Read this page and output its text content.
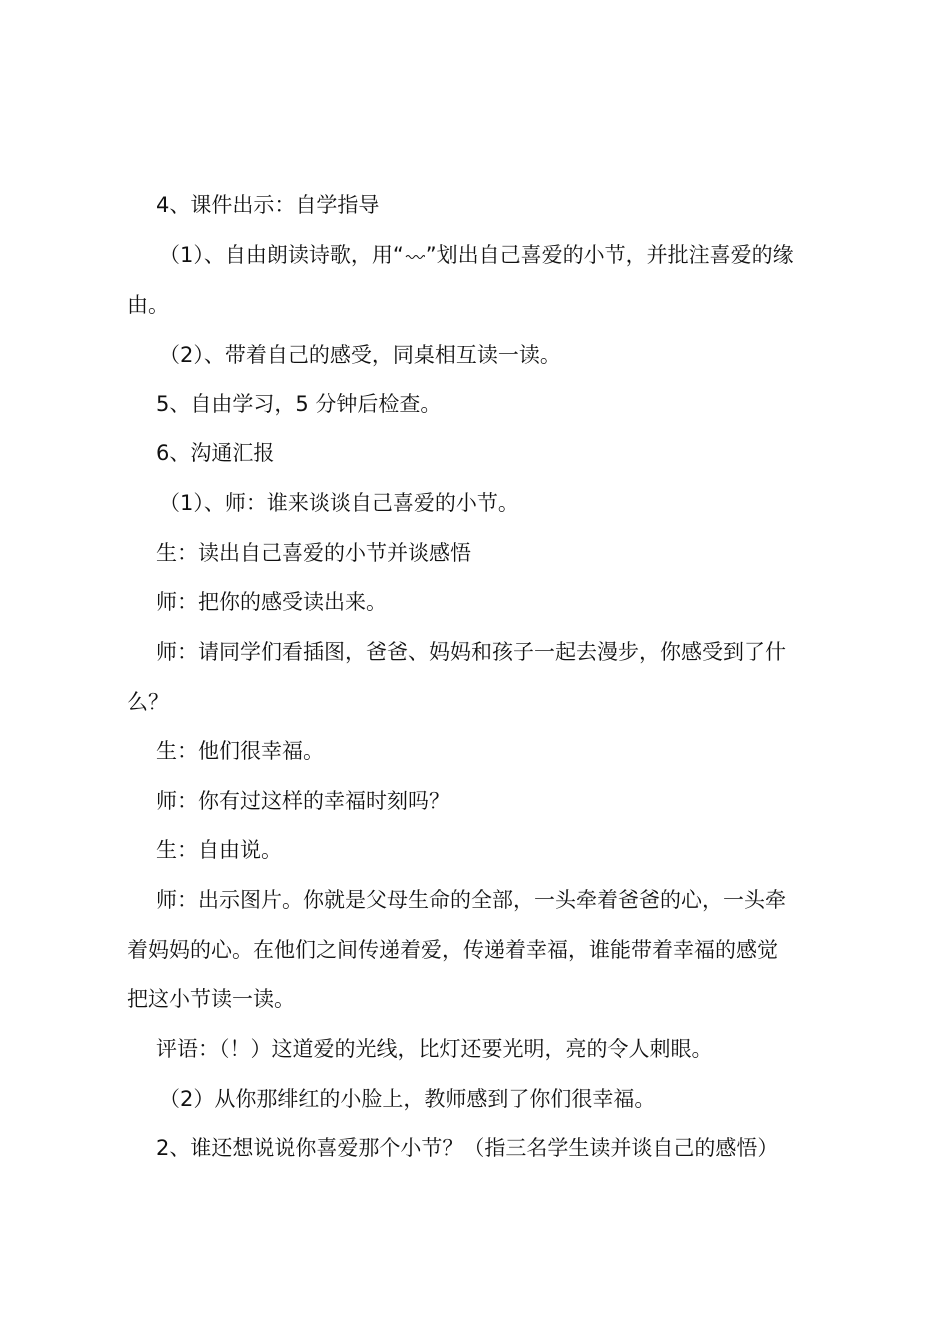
4、课件出示：自学指导
（1）、自由朗读诗歌，用“ ”划出自己喜爱的小节，并批注喜爱的缘
由。
（2）、带着自己的感受，同桌相互读一读。
5、自由学习，5 分钟后检查。
6、沟通汇报
（1）、师：谁来谈谈自己喜爱的小节。
生：读出自己喜爱的小节并谈感悟
师：把你的感受读出来。
师：请同学们看插图，爸爸、妈妈和孩子一起去漫步，你感受到了什
么？
生：他们很幸福。
师：你有过这样的幸福时刻吗？
生：自由说。
师：出示图片。你就是父母生命的全部，一头牵着爸爸的心，一头牵
着妈妈的心。在他们之间传递着爱，传递着幸福，谁能带着幸福的感觉
把这小节读一读。
评语：（！）这道爱的光线，比灯还要光明，亮的令人刺眼。
（2）从你那绯红的小脸上，教师感到了你们很幸福。
2、谁还想说说你喜爱那个小节？（指三名学生读并谈自己的感悟）
